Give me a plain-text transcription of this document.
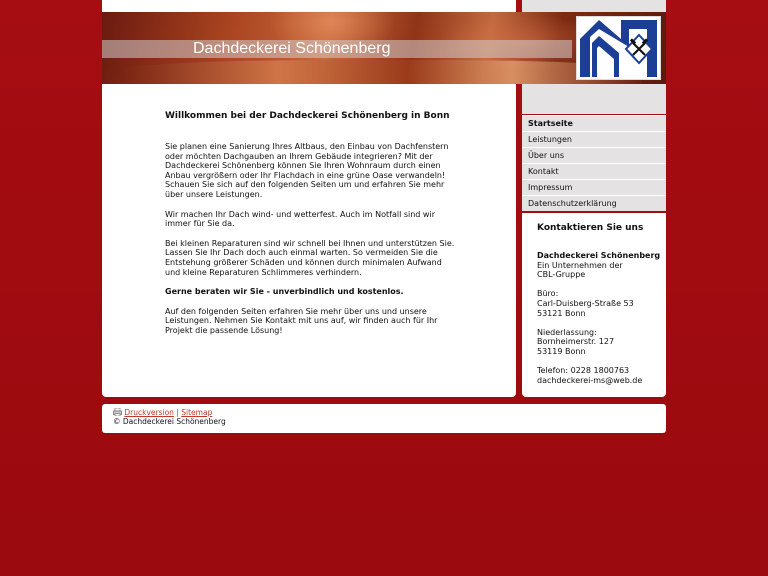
Dachdeckerei Schönenberg
Willkommen bei der Dachdeckerei Schönenberg in Bonn

Sie planen eine Sanierung Ihres Altbaus, den Einbau von Dachfenstern oder möchten Dachgauben an Ihrem Gebäude integrieren? Mit der Dachdeckerei Schönenberg können Sie Ihren Wohnraum durch einen Anbau vergrößern oder Ihr Flachdach in eine grüne Oase verwandeln! Schauen Sie sich auf den folgenden Seiten um und erfahren Sie mehr über unsere Leistungen.

Wir machen Ihr Dach wind- und wetterfest. Auch im Notfall sind wir immer für Sie da.

Bei kleinen Reparaturen sind wir schnell bei Ihnen und unterstützen Sie. Lassen Sie Ihr Dach doch auch einmal warten. So vermeiden Sie die Entstehung größerer Schäden und können durch minimalen Aufwand und kleine Reparaturen Schlimmeres verhindern.

Gerne beraten wir Sie - unverbindlich und kostenlos.

Auf den folgenden Seiten erfahren Sie mehr über uns und unsere Leistungen. Nehmen Sie Kontakt mit uns auf, wir finden auch für Ihr Projekt die passende Lösung!

Startseite
Leistungen
Über uns
Kontakt
Impressum
Datenschutzerklärung
Kontaktieren Sie uns
Dachdeckerei Schönenberg
Ein Unternehmen der
CBL-Gruppe
Büro:
Carl-Duisberg-Straße 53
53121 Bonn
Niederlassung:
Bornheimerstr. 127
53119 Bonn
Telefon: 0228 1800763
dachdeckerei-ms@web.de
Druckversion | Sitemap
© Dachdeckerei Schönenberg
